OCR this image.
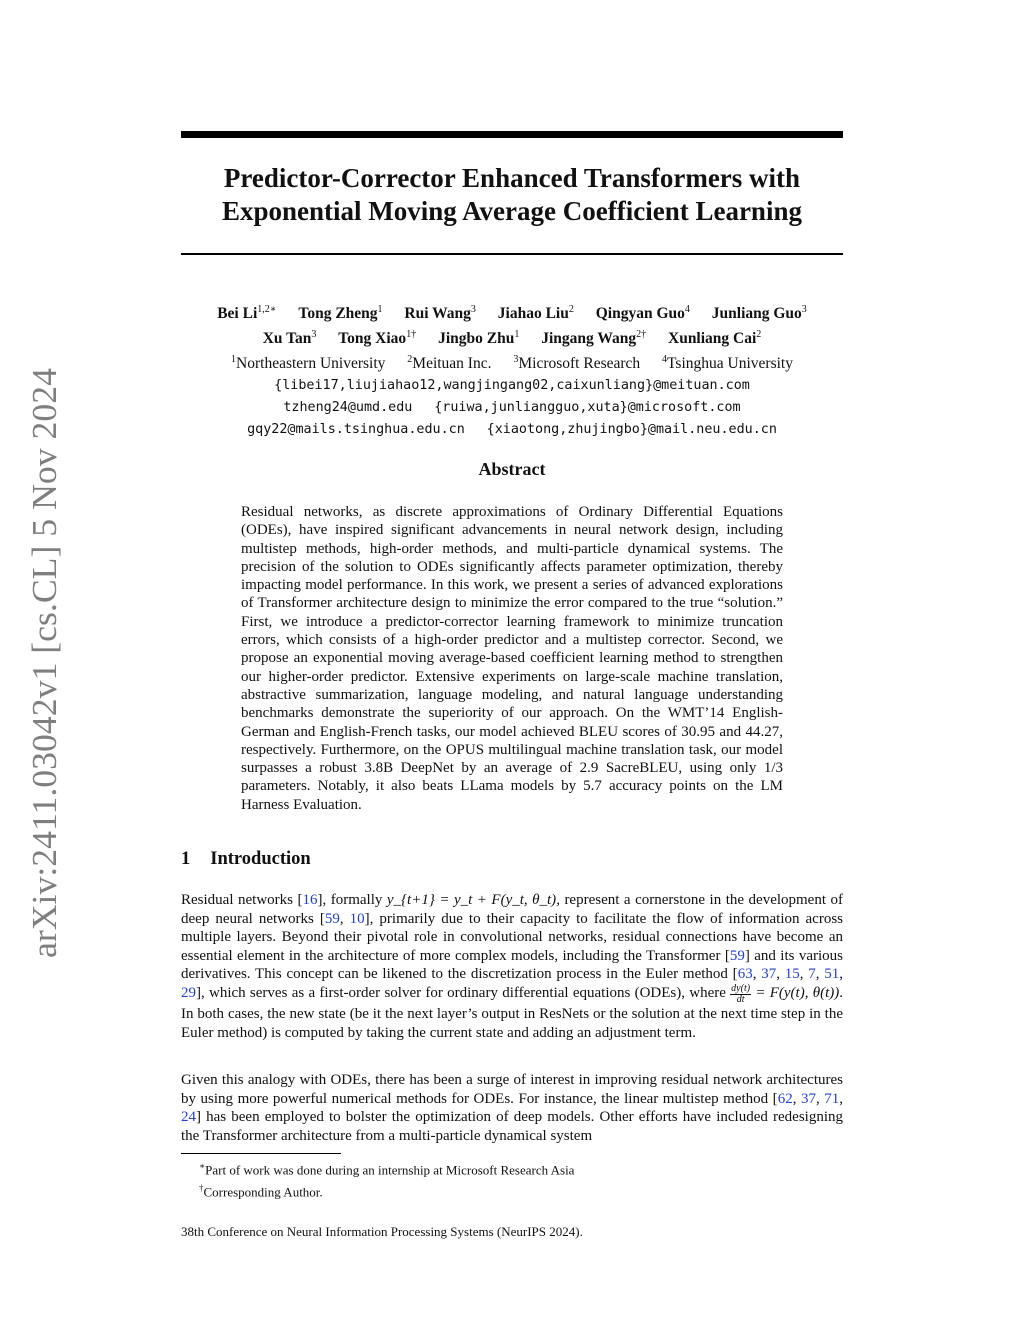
arXiv:2411.03042v1 [cs.CL] 5 Nov 2024
Predictor-Corrector Enhanced Transformers with
Exponential Moving Average Coefficient Learning
Bei $Li^{1,2∗}$ Tong Zheng$^1$ Rui Wang$^3$ Jiahao Liu$^2$ Qingyan Guo$^4$ Junliang Guo$^3$
Xu Tan$^3$ Tong Xiao$^{1\dagger}$ Jingbo Zhu$^1$ Jingang Wang$^{2\dagger}$ Xunliang Cai$^2$
$^1$Northeastern University $^2$Meituan Inc. $^3$Microsoft Research $^4$Tsinghua University
{libei17,liujiahao12,wangjingang02,caixunliang}@meituan.com
tzheng24@umd.edu {ruiwa,junliangguo,xuta}@microsoft.com
gqy22@mails.tsinghua.edu.cn {xiaotong,zhujingbo}@mail.neu.edu.cn
Abstract

Residual networks, as discrete approximations of Ordinary Differential Equations (ODEs), have inspired significant advancements in neural network design, including multistep methods, high-order methods, and multi-particle dynamical systems. The precision of the solution to ODEs significantly affects parameter optimization, thereby impacting model performance. In this work, we present a series of advanced explorations of Transformer architecture design to minimize the error compared to the true “solution.” First, we introduce a predictor-corrector learning framework to minimize truncation errors, which consists of a high-order predictor and a multistep corrector. Second, we propose an exponential moving average-based coefficient learning method to strengthen our higher-order predictor. Extensive experiments on large-scale machine translation, abstractive summarization, language modeling, and natural language understanding benchmarks demonstrate the superiority of our approach. On the WMT’14 English-German and English-French tasks, our model achieved BLEU scores of 30.95 and 44.27, respectively. Furthermore, on the OPUS multilingual machine translation task, our model surpasses a robust 3.8B DeepNet by an average of 2.9 SacreBLEU, using only 1/3 parameters. Notably, it also beats LLama models by 5.7 accuracy points on the LM Harness Evaluation.

1 Introduction

Residual networks [16], formally y_{t+1} = y_t + F(y_t, θ_t), represent a cornerstone in the development of deep neural networks [59, 10], primarily due to their capacity to facilitate the flow of information across multiple layers. Beyond their pivotal role in convolutional networks, residual connections have become an essential element in the architecture of more complex models, including the Transformer [59] and its various derivatives. This concept can be likened to the discretization process in the Euler method [63, 37, 15, 7, 51, 29], which serves as a first-order solver for ordinary differential equations (ODEs), where $\frac{dy(t)}{dt} = F(y(t)$, θ(t)). In both cases, the new state (be it the next layer’s output in ResNets or the solution at the next time step in the Euler method) is computed by taking the current state and adding an adjustment term.

Given this analogy with ODEs, there has been a surge of interest in improving residual network architectures by using more powerful numerical methods for ODEs. For instance, the linear multistep method [62, 37, 71, 24] has been employed to bolster the optimization of deep models. Other efforts have included redesigning the Transformer architecture from a multi-particle dynamical system

∗Part of work was done during an internship at Microsoft Research Asia
†Corresponding Author.

38th Conference on Neural Information Processing Systems (NeurIPS 2024).
